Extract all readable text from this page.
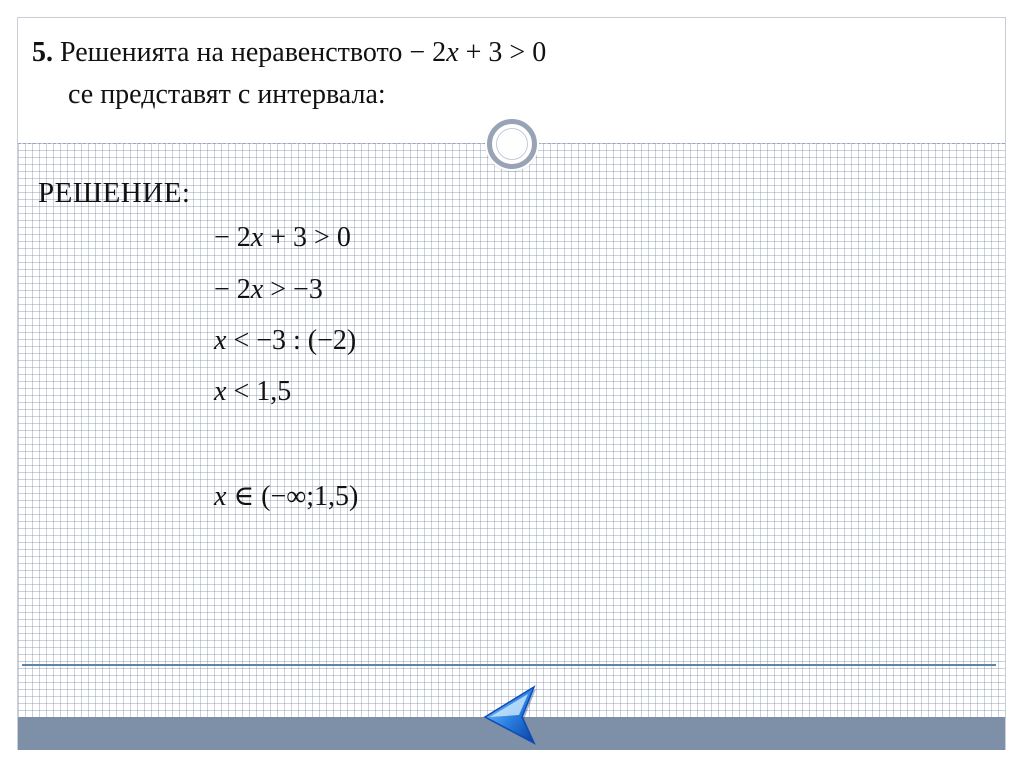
5. Решенията на неравенството − 2x + 3 > 0
се представят с интервала:
РЕШЕНИЕ:
− 2x + 3 > 0
− 2x > −3
x < −3 : (−2)
x < 1,5
x ∈ (−∞;1,5)
